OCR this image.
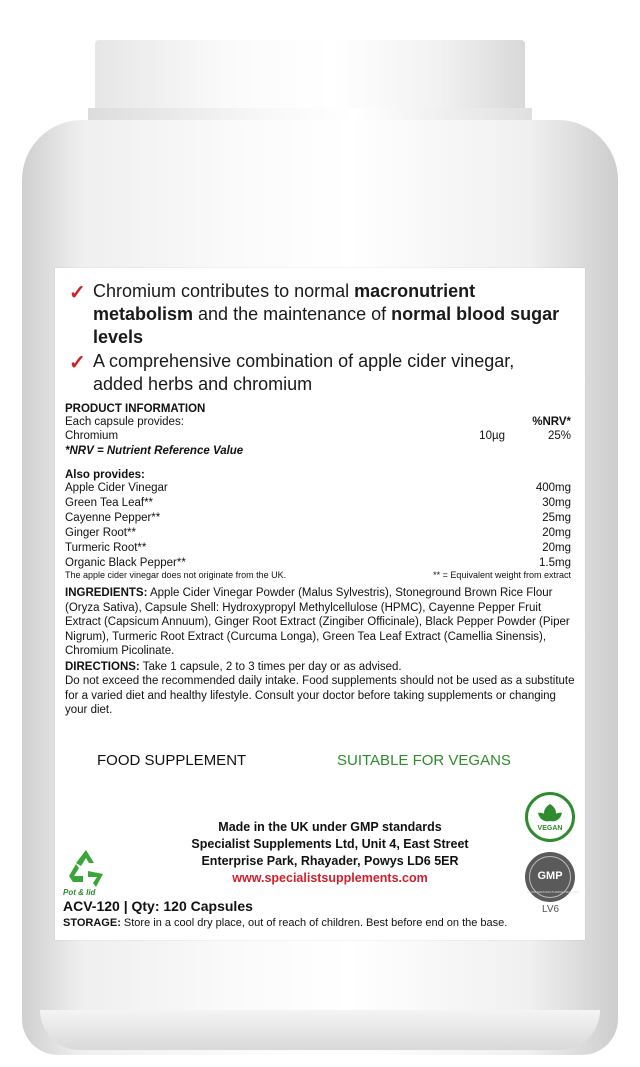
✓ Chromium contributes to normal macronutrient metabolism and the maintenance of normal blood sugar levels
✓ A comprehensive combination of apple cider vinegar, added herbs and chromium
PRODUCT INFORMATION
Each capsule provides:	%NRV*
Chromium	10µg	25%
*NRV = Nutrient Reference Value
Also provides:
Apple Cider Vinegar	400mg
Green Tea Leaf**	30mg
Cayenne Pepper**	25mg
Ginger Root**	20mg
Turmeric Root**	20mg
Organic Black Pepper**	1.5mg
The apple cider vinegar does not originate from the UK.	** = Equivalent weight from extract
INGREDIENTS: Apple Cider Vinegar Powder (Malus Sylvestris), Stoneground Brown Rice Flour (Oryza Sativa), Capsule Shell: Hydroxypropyl Methylcellulose (HPMC), Cayenne Pepper Fruit Extract (Capsicum Annuum), Ginger Root Extract (Zingiber Officinale), Black Pepper Powder (Piper Nigrum), Turmeric Root Extract (Curcuma Longa), Green Tea Leaf Extract (Camellia Sinensis), Chromium Picolinate.
DIRECTIONS: Take 1 capsule, 2 to 3 times per day or as advised.
Do not exceed the recommended daily intake. Food supplements should not be used as a substitute for a varied diet and healthy lifestyle. Consult your doctor before taking supplements or changing your diet.
FOOD SUPPLEMENT	SUITABLE FOR VEGANS
VEGAN
GMP
GOOD MANUFACTURING PRACTICE
Pot & lid
Made in the UK under GMP standards
Specialist Supplements Ltd, Unit 4, East Street
Enterprise Park, Rhayader, Powys LD6 5ER
www.specialistsupplements.com
ACV-120 | Qty: 120 Capsules	LV6
STORAGE: Store in a cool dry place, out of reach of children. Best before end on the base.
